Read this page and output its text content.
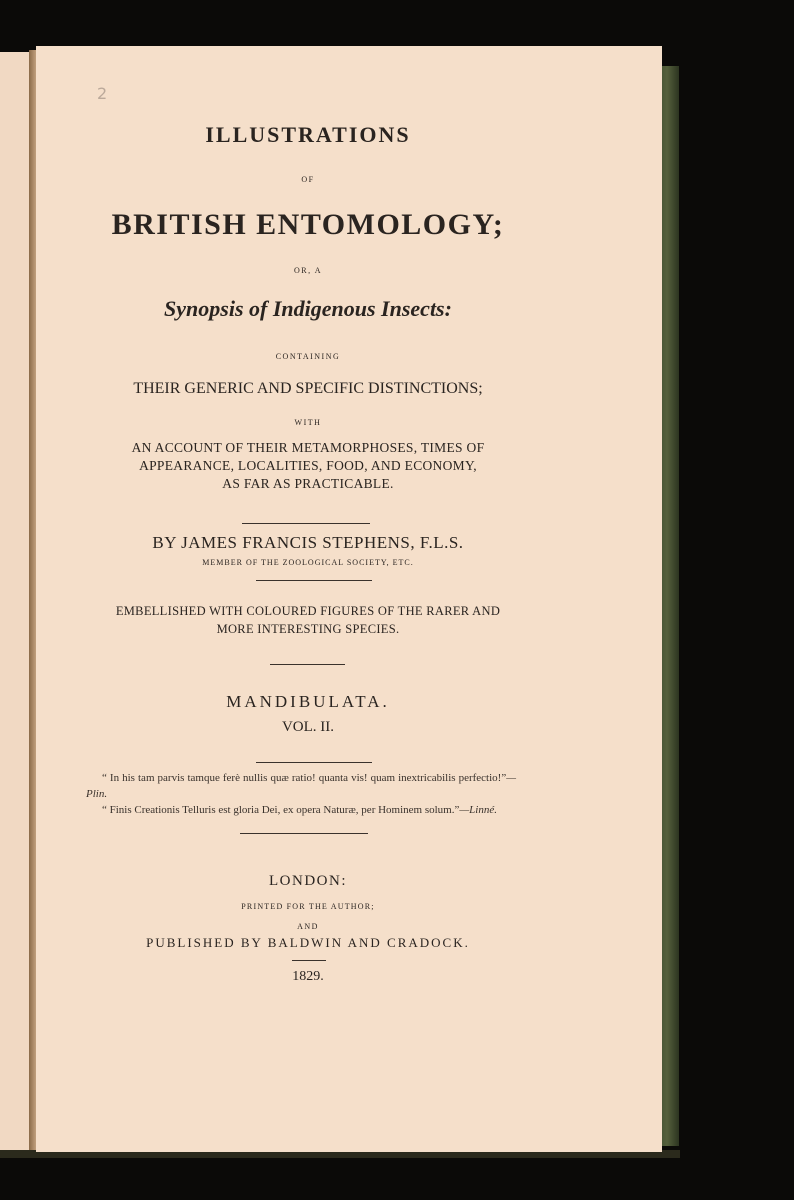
2
ILLUSTRATIONS
OF
BRITISH ENTOMOLOGY;
OR, A
Synopsis of Indigenous Insects:
CONTAINING
THEIR GENERIC AND SPECIFIC DISTINCTIONS;
WITH
AN ACCOUNT OF THEIR METAMORPHOSES, TIMES OF
APPEARANCE, LOCALITIES, FOOD, AND ECONOMY,
AS FAR AS PRACTICABLE.
BY JAMES FRANCIS STEPHENS, F.L.S.
MEMBER OF THE ZOOLOGICAL SOCIETY, ETC.
EMBELLISHED WITH COLOURED FIGURES OF THE RARER AND
MORE INTERESTING SPECIES.
MANDIBULATA.
VOL. II.
“ In his tam parvis tamque ferè nullis quæ ratio! quanta vis! quam inextricabilis perfectio!”—Plin.
“ Finis Creationis Telluris est gloria Dei, ex opera Naturæ, per Hominem solum.”—Linné.
LONDON:
PRINTED FOR THE AUTHOR;
AND
PUBLISHED BY BALDWIN AND CRADOCK.
1829.
